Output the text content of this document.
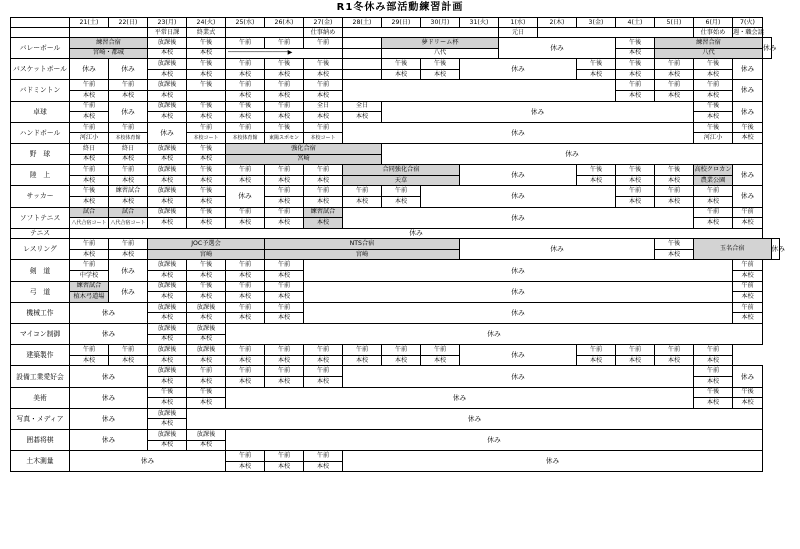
R1冬休み部活動練習計画
	21(土)	22(日)	23(月)	24(火)	25(水)	26(木)	27(金)	28(土)	29(日)	30(月)	31(火)	1(水)	2(木)	3(金)	4(土)	5(日)	6(月)	7(火)		
			平常日課	終業式			仕事納め					元日					仕事始め	週・職会議		
バレーボール	練習合宿		放課後	午後	午前	午前	午前		夢ドリーム杯			休み			午後	練習合宿			休み	
	宮崎・都城		本校	本校	────────────────▶				八代						本校	八代				
バスケットボール	休み	休み	放課後	午後	午前	午後	午後		午後	午後	休み			午後	午後	午前	午後	休み		
			本校	本校	本校	本校	本校		本校	本校				本校	本校	本校	本校			
バドミントン	午前	午前	放課後	午後	午前	午前	午前								午前	午前	午前	休み		
	本校	本校	本校		本校	本校	本校								本校	本校	本校			
卓球	午前	休み	放課後	午後	午後	午前	全日	全日	休み								午後	休み		
	本校		本校	本校	本校	本校	本校	本校									本校			
ハンドボール	午前	午前	休み	午前	午前	午後	午前	休み									午後	午後		
	河江小	本校体育館		本校コート	本校体育館	東陽スポセン	本校コート										河江小	本校		
野　球	終日	終日	放課後	午後	強化合宿				休み											
	本校	本校	本校	本校	宮崎															
陸　上	午前	午前	放課後	午後	午前	午前	午前	合同強化合宿			休み			午後	午後	午後	高校クロカン	休み		
	本校	本校	本校	本校	本校	本校	本校	天草						本校	本校	本校	農業公園			
サッカー	午後	練習試合	放課後	午後	休み	午前	午前	午前	午前	休み					午前	午前	午前	休み		
	本校	本校	本校	本校		本校	本校	本校	本校						本校	本校	本校			
ソフトテニス	試合	試合	放課後	午後	午前	午前	練習試合	休み									午前	午前		
	八代合宿コート	八代合宿コート	本校	本校	本校	本校	本校										本校	本校		
テニス	休み																			

レスリング	午前	午前	JOC予選会			NTS合宿					休み					午後	玉名合宿			休み
	本校	本校	宮崎			宮崎										本校				
剣　道	午前	休み	放課後	午後	午前	午前	休み											午前		
	中学校		本校	本校	本校	本校												本校		
弓　道	練習試合	休み	放課後	午後	午前	午前	休み											午前		
	植木弓道場		本校	本校	本校	本校												本校		
機械工作	休み		放課後	放課後	午前	午前	休み											午前		
			本校	本校	本校	本校												本校		
マイコン制御	休み		放課後	放課後	休み															
			本校	本校																
建築製作	午前	午前	放課後	放課後	午前	午前	午前	午前	午前	午前	休み			午前	午前	午前	午前			
	本校	本校	本校	本校	本校	本校	本校	本校	本校	本校				本校	本校	本校	本校			
設備工業愛好会	休み		放課後	午前	午前	午前	午前	休み									午前	休み		
			本校	本校	本校	本校	本校										本校			
美術	休み		午後	午後	休み												午後	午後		
			本校	本校													本校	本校		
写真・メディア	休み		放課後	休み																
			本校																	
囲碁将棋	休み		放課後	放課後	休み															
			本校	本校																
土木測量	休み				午前	午前	午前	休み												
					本校	本校	本校													
